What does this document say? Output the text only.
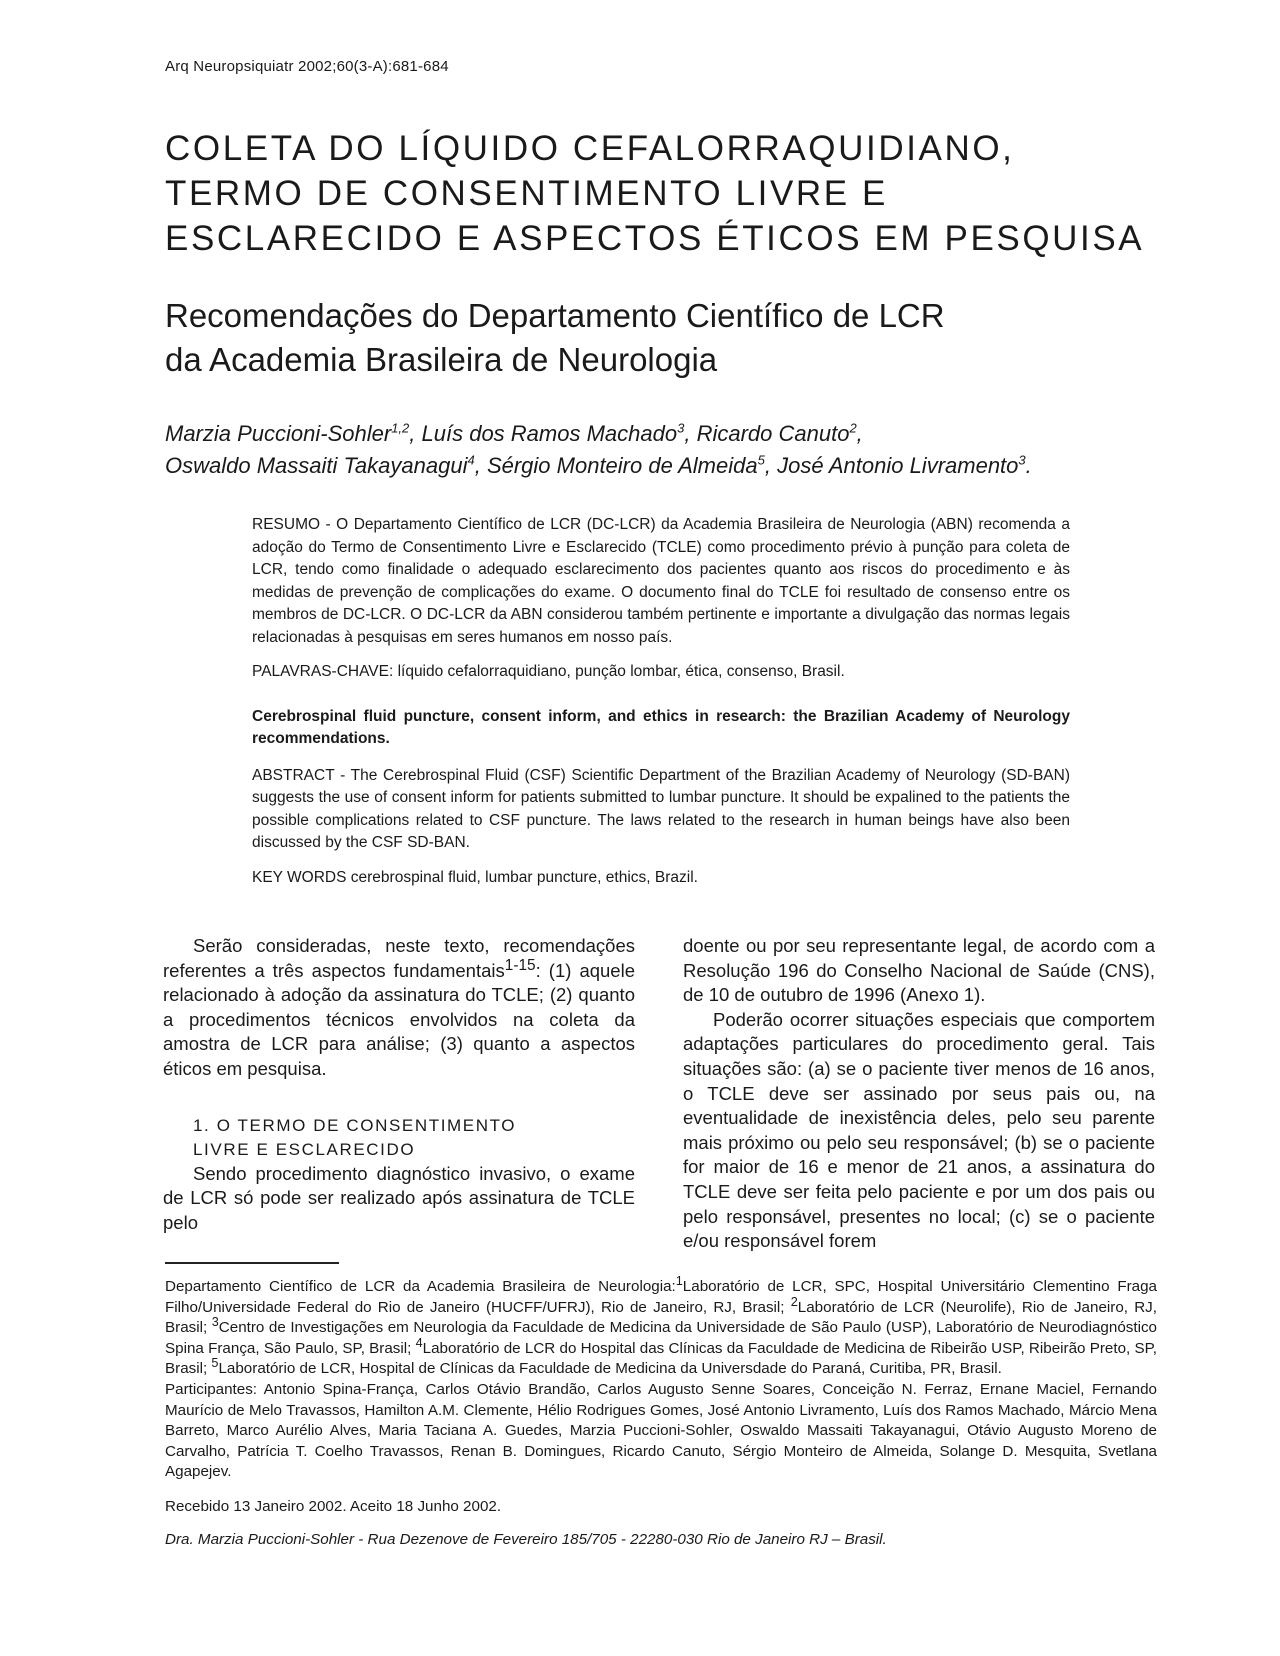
Arq Neuropsiquiatr 2002;60(3-A):681-684
COLETA DO LÍQUIDO CEFALORRAQUIDIANO,
TERMO DE CONSENTIMENTO LIVRE E
ESCLARECIDO E ASPECTOS ÉTICOS EM PESQUISA
Recomendações do Departamento Científico de LCR
da Academia Brasileira de Neurologia
Marzia Puccioni-Sohler$^{1,2}$, Luís dos Ramos Machado$^3$, Ricardo Canuto$^2$,
Oswaldo Massaiti Takayanagui$^4$, Sérgio Monteiro de Almeida$^5$, José Antonio Livramento$^3$.

RESUMO - O Departamento Científico de LCR (DC-LCR) da Academia Brasileira de Neurologia (ABN) recomenda a adoção do Termo de Consentimento Livre e Esclarecido (TCLE) como procedimento prévio à punção para coleta de LCR, tendo como finalidade o adequado esclarecimento dos pacientes quanto aos riscos do procedimento e às medidas de prevenção de complicações do exame. O documento final do TCLE foi resultado de consenso entre os membros de DC-LCR. O DC-LCR da ABN considerou também pertinente e importante a divulgação das normas legais relacionadas à pesquisas em seres humanos em nosso país.

PALAVRAS-CHAVE: líquido cefalorraquidiano, punção lombar, ética, consenso, Brasil.

Cerebrospinal fluid puncture, consent inform, and ethics in research: the Brazilian Academy of Neurology recommendations.

ABSTRACT - The Cerebrospinal Fluid (CSF) Scientific Department of the Brazilian Academy of Neurology (SD-BAN) suggests the use of consent inform for patients submitted to lumbar puncture. It should be expalined to the patients the possible complications related to CSF puncture. The laws related to the research in human beings have also been discussed by the CSF SD-BAN.

KEY WORDS cerebrospinal fluid, lumbar puncture, ethics, Brazil.

Serão consideradas, neste texto, recomendações referentes a três aspectos fundamentais$^{1-15}$: (1) aquele relacionado à adoção da assinatura do TCLE; (2) quanto a procedimentos técnicos envolvidos na coleta da amostra de LCR para análise; (3) quanto a aspectos éticos em pesquisa.

1. O TERMO DE CONSENTIMENTO
LIVRE E ESCLARECIDO

Sendo procedimento diagnóstico invasivo, o exame de LCR só pode ser realizado após assinatura de TCLE pelo

doente ou por seu representante legal, de acordo com a Resolução 196 do Conselho Nacional de Saúde (CNS), de 10 de outubro de 1996 (Anexo 1).

Poderão ocorrer situações especiais que comportem adaptações particulares do procedimento geral. Tais situações são: (a) se o paciente tiver menos de 16 anos, o TCLE deve ser assinado por seus pais ou, na eventualidade de inexistência deles, pelo seu parente mais próximo ou pelo seu responsável; (b) se o paciente for maior de 16 e menor de 21 anos, a assinatura do TCLE deve ser feita pelo paciente e por um dos pais ou pelo responsável, presentes no local; (c) se o paciente e/ou responsável forem

Departamento Científico de LCR da Academia Brasileira de Neurologia:$^1$Laboratório de LCR, SPC, Hospital Universitário Clementino Fraga Filho/Universidade Federal do Rio de Janeiro (HUCFF/UFRJ), Rio de Janeiro, RJ, Brasil; $^2$Laboratório de LCR (Neurolife), Rio de Janeiro, RJ, Brasil; $^3$Centro de Investigações em Neurologia da Faculdade de Medicina da Universidade de São Paulo (USP), Laboratório de Neurodiagnóstico Spina França, São Paulo, SP, Brasil; $^4$Laboratório de LCR do Hospital das Clínicas da Faculdade de Medicina de Ribeirão USP, Ribeirão Preto, SP, Brasil; $^5$Laboratório de LCR, Hospital de Clínicas da Faculdade de Medicina da Universdade do Paraná, Curitiba, PR, Brasil.

Participantes: Antonio Spina-França, Carlos Otávio Brandão, Carlos Augusto Senne Soares, Conceição N. Ferraz, Ernane Maciel, Fernando Maurício de Melo Travassos, Hamilton A.M. Clemente, Hélio Rodrigues Gomes, José Antonio Livramento, Luís dos Ramos Machado, Márcio Mena Barreto, Marco Aurélio Alves, Maria Taciana A. Guedes, Marzia Puccioni-Sohler, Oswaldo Massaiti Takayanagui, Otávio Augusto Moreno de Carvalho, Patrícia T. Coelho Travassos, Renan B. Domingues, Ricardo Canuto, Sérgio Monteiro de Almeida, Solange D. Mesquita, Svetlana Agapejev.

Recebido 13 Janeiro 2002. Aceito 18 Junho 2002.

Dra. Marzia Puccioni-Sohler - Rua Dezenove de Fevereiro 185/705 - 22280-030 Rio de Janeiro RJ – Brasil.
